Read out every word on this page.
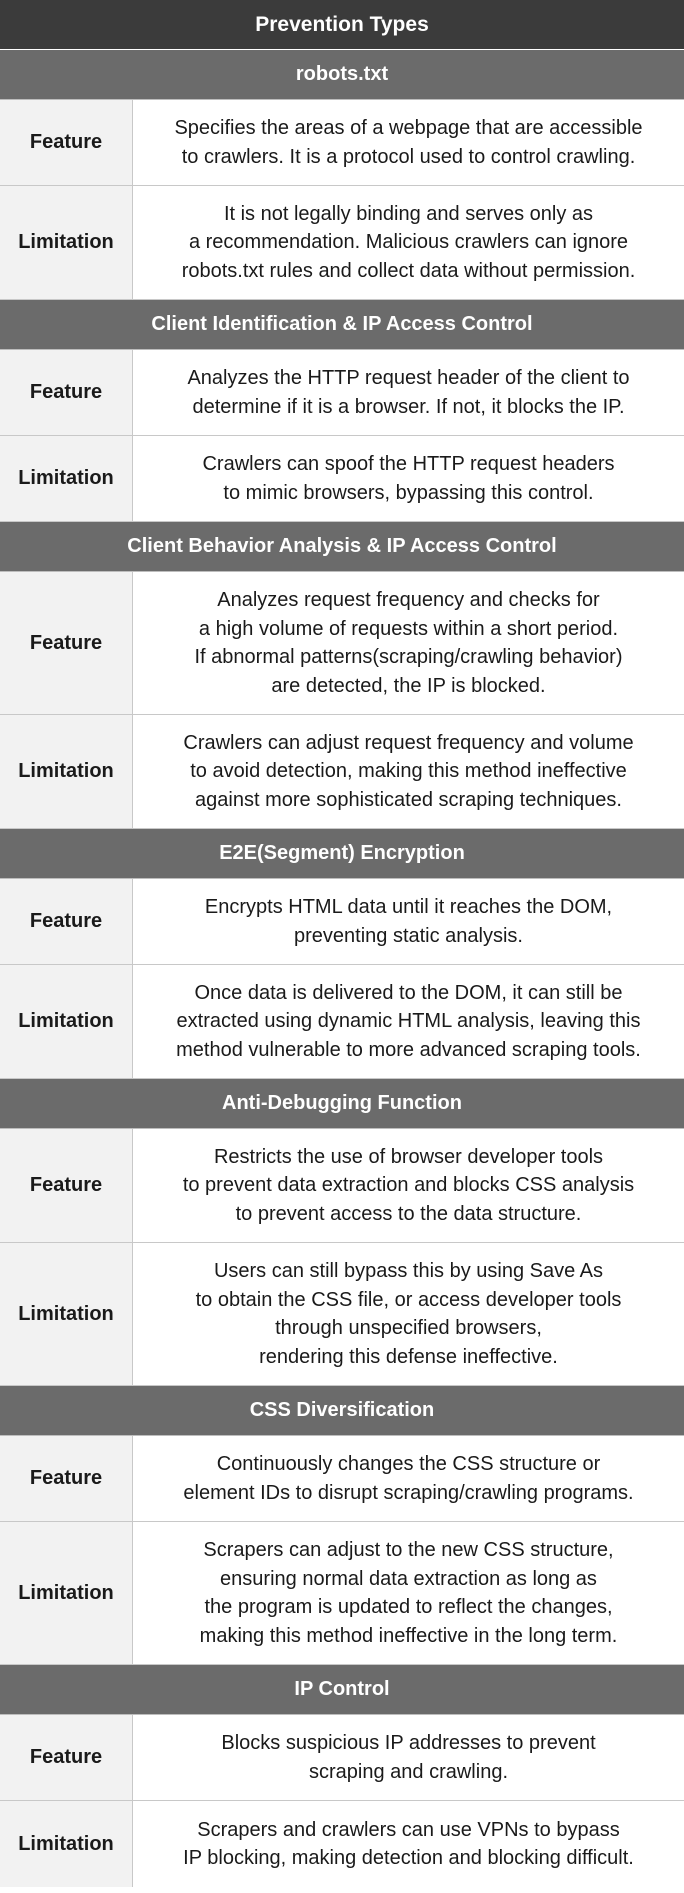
Prevention Types
robots.txt
Feature
Specifies the areas of a webpage that are accessible
to crawlers. It is a protocol used to control crawling.
Limitation
It is not legally binding and serves only as
a recommendation. Malicious crawlers can ignore
robots.txt rules and collect data without permission.
Client Identification & IP Access Control
Feature
Analyzes the HTTP request header of the client to
determine if it is a browser. If not, it blocks the IP.
Limitation
Crawlers can spoof the HTTP request headers
to mimic browsers, bypassing this control.
Client Behavior Analysis & IP Access Control
Feature
Analyzes request frequency and checks for
a high volume of requests within a short period.
If abnormal patterns(scraping/crawling behavior)
are detected, the IP is blocked.
Limitation
Crawlers can adjust request frequency and volume
to avoid detection, making this method ineffective
against more sophisticated scraping techniques.
E2E(Segment) Encryption
Feature
Encrypts HTML data until it reaches the DOM,
preventing static analysis.
Limitation
Once data is delivered to the DOM, it can still be
extracted using dynamic HTML analysis, leaving this
method vulnerable to more advanced scraping tools.
Anti-Debugging Function
Feature
Restricts the use of browser developer tools
to prevent data extraction and blocks CSS analysis
to prevent access to the data structure.
Limitation
Users can still bypass this by using Save As
to obtain the CSS file, or access developer tools
through unspecified browsers,
rendering this defense ineffective.
CSS Diversification
Feature
Continuously changes the CSS structure or
element IDs to disrupt scraping/crawling programs.
Limitation
Scrapers can adjust to the new CSS structure,
ensuring normal data extraction as long as
the program is updated to reflect the changes,
making this method ineffective in the long term.
IP Control
Feature
Blocks suspicious IP addresses to prevent
scraping and crawling.
Limitation
Scrapers and crawlers can use VPNs to bypass
IP blocking, making detection and blocking difficult.
